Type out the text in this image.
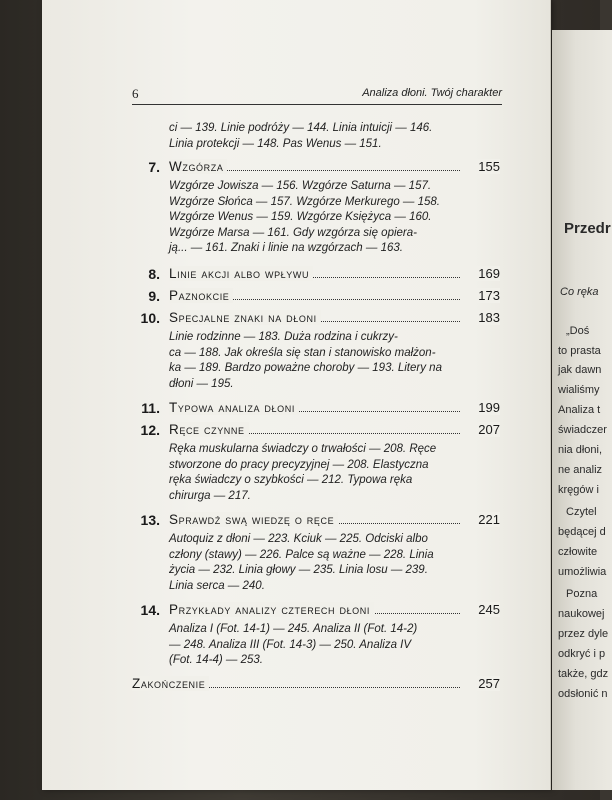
Przedr
Co ręka
„Doś
to prasta
jak dawn
wialiśmy
Analiza t
świadczer
nia dłoni,
ne analiz
kręgów i
Czytel
będącej d
człowite
umożliwia
Pozna
naukowej
przez dyle
odkryć i p
także, gdz
odsłonić n
6	Analiza dłoni. Twój charakter
ci — 139. Linie podróży — 144. Linia intuicji — 146.
Linia protekcji — 148. Pas Wenus — 151.
7. Wzgórza	155
Wzgórze Jowisza — 156. Wzgórze Saturna — 157.
Wzgórze Słońca — 157. Wzgórze Merkurego — 158.
Wzgórze Wenus — 159. Wzgórze Księżyca — 160.
Wzgórze Marsa — 161. Gdy wzgórza się opiera-
ją... — 161. Znaki i linie na wzgórzach — 163.
8. Linie akcji albo wpływu	169
9. Paznokcie	173
10. Specjalne znaki na dłoni	183
Linie rodzinne — 183. Duża rodzina i cukrzy-
ca — 188. Jak określa się stan i stanowisko małżon-
ka — 189. Bardzo poważne choroby — 193. Litery na
dłoni — 195.
11. Typowa analiza dłoni	199
12. Ręce czynne	207
Ręka muskularna świadczy o trwałości — 208. Ręce
stworzone do pracy precyzyjnej — 208. Elastyczna
ręka świadczy o szybkości — 212. Typowa ręka
chirurga — 217.
13. Sprawdź swą wiedzę o ręce	221
Autoquiz z dłoni — 223. Kciuk — 225. Odciski albo
człony (stawy) — 226. Palce są ważne — 228. Linia
życia — 232. Linia głowy — 235. Linia losu — 239.
Linia serca — 240.
14. Przykłady analizy czterech dłoni	245
Analiza I (Fot. 14-1) — 245. Analiza II (Fot. 14-2)
— 248. Analiza III (Fot. 14-3) — 250. Analiza IV
(Fot. 14-4) — 253.
Zakończenie	257
